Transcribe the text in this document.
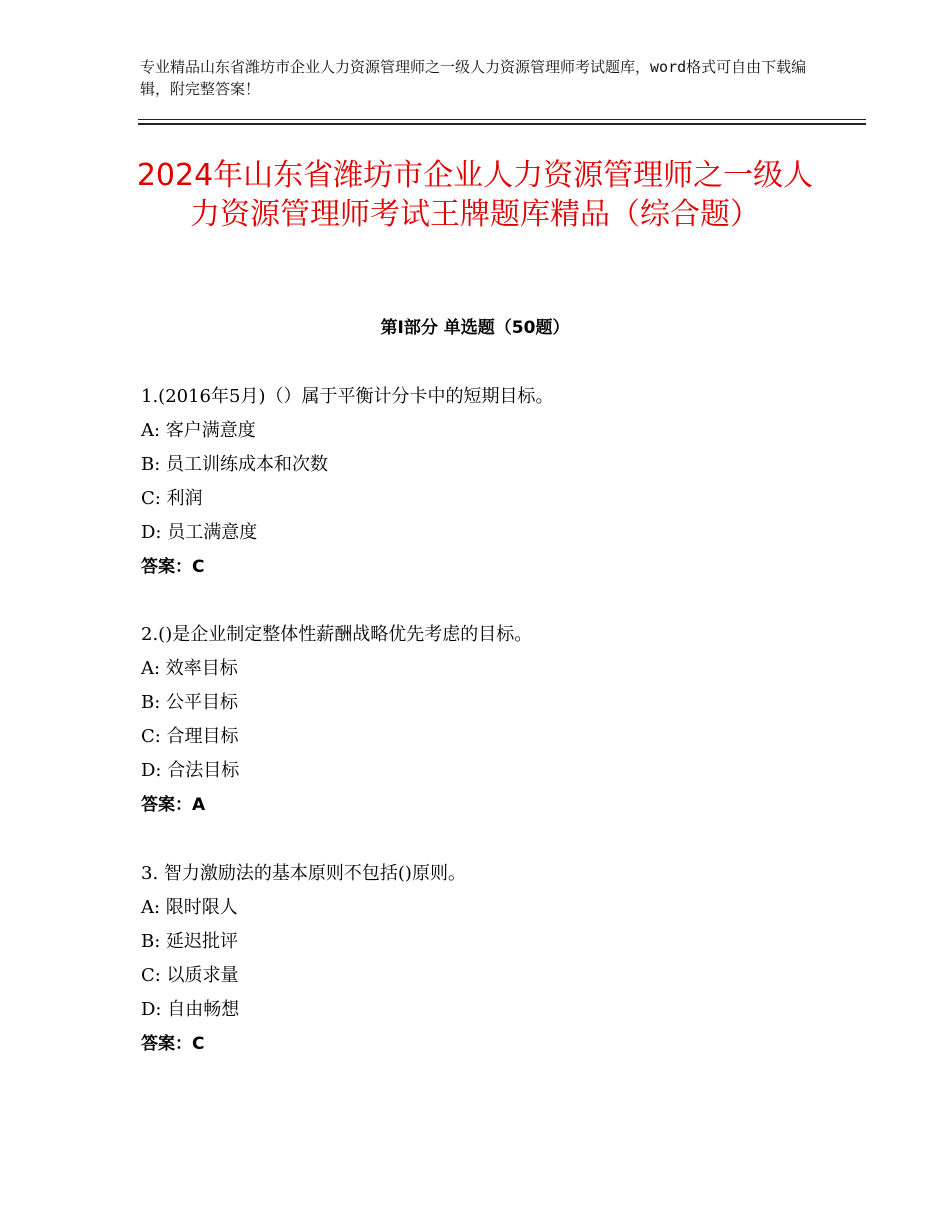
专业精品山东省潍坊市企业人力资源管理师之一级人力资源管理师考试题库，word格式可自由下载编辑，附完整答案！
2024年山东省潍坊市企业人力资源管理师之一级人力资源管理师考试王牌题库精品（综合题）
第Ⅰ部分 单选题（50题）
1.(2016年5月)（）属于平衡计分卡中的短期目标。
A: 客户满意度
B: 员工训练成本和次数
C: 利润
D: 员工满意度
答案：C
2.()是企业制定整体性薪酬战略优先考虑的目标。
A: 效率目标
B: 公平目标
C: 合理目标
D: 合法目标
答案：A
3. 智力激励法的基本原则不包括()原则。
A: 限时限人
B: 延迟批评
C: 以质求量
D: 自由畅想
答案：C
